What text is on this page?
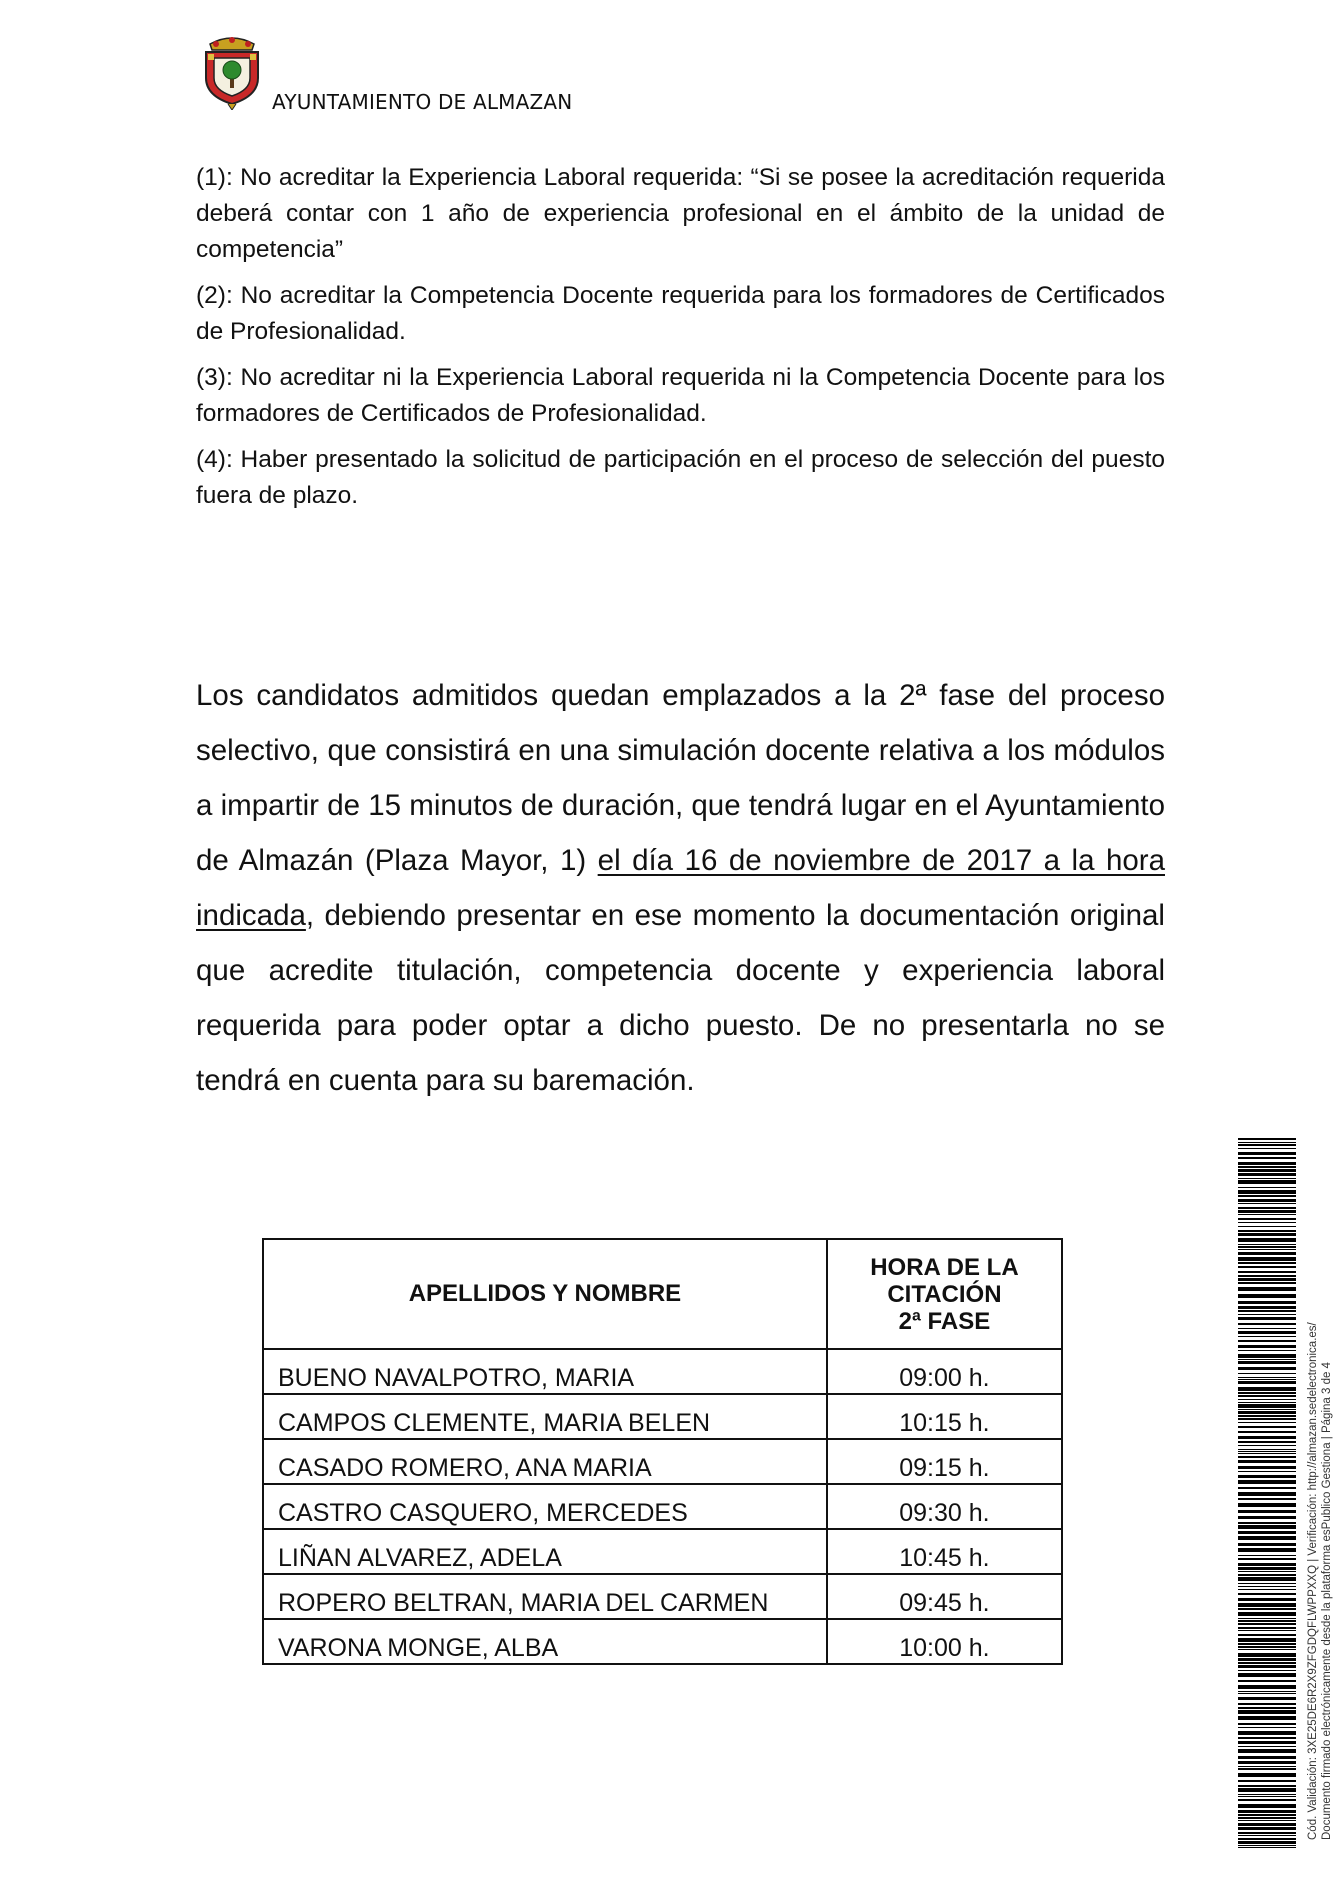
AYUNTAMIENTO DE ALMAZAN

(1): No acreditar la Experiencia Laboral requerida: “Si se posee la acreditación requerida deberá contar con 1 año de experiencia profesional en el ámbito de la unidad de competencia”

(2): No acreditar la Competencia Docente requerida para los formadores de Certificados de Profesionalidad.

(3): No acreditar ni la Experiencia Laboral requerida ni la Competencia Docente para los formadores de Certificados de Profesionalidad.

(4): Haber presentado la solicitud de participación en el proceso de selección del puesto fuera de plazo.

Los candidatos admitidos quedan emplazados a la 2ª fase del proceso selectivo, que consistirá en una simulación docente relativa a los módulos a impartir de 15 minutos de duración, que tendrá lugar en el Ayuntamiento de Almazán (Plaza Mayor, 1) el día 16 de noviembre de 2017 a la hora indicada, debiendo presentar en ese momento la documentación original que acredite titulación, competencia docente y experiencia laboral requerida para poder optar a dicho puesto. De no presentarla no se tendrá en cuenta para su baremación.

APELLIDOS Y NOMBRE	HORA DE LA
CITACIÓN
2ª FASE
BUENO NAVALPOTRO, MARIA	09:00 h.
CAMPOS CLEMENTE, MARIA BELEN	10:15 h.
CASADO ROMERO, ANA MARIA	09:15 h.
CASTRO CASQUERO, MERCEDES	09:30 h.
LIÑAN ALVAREZ, ADELA	10:45 h.
ROPERO BELTRAN, MARIA DEL CARMEN	09:45 h.
VARONA MONGE, ALBA	10:00 h.	Cód. Validación: 3XE25DE6R2X9ZFGDQFLWPPXXQ | Verificación: http://almazan.sedelectronica.es/ Documento firmado electrónicamente desde la plataforma esPublico Gestiona | Página 3 de 4
